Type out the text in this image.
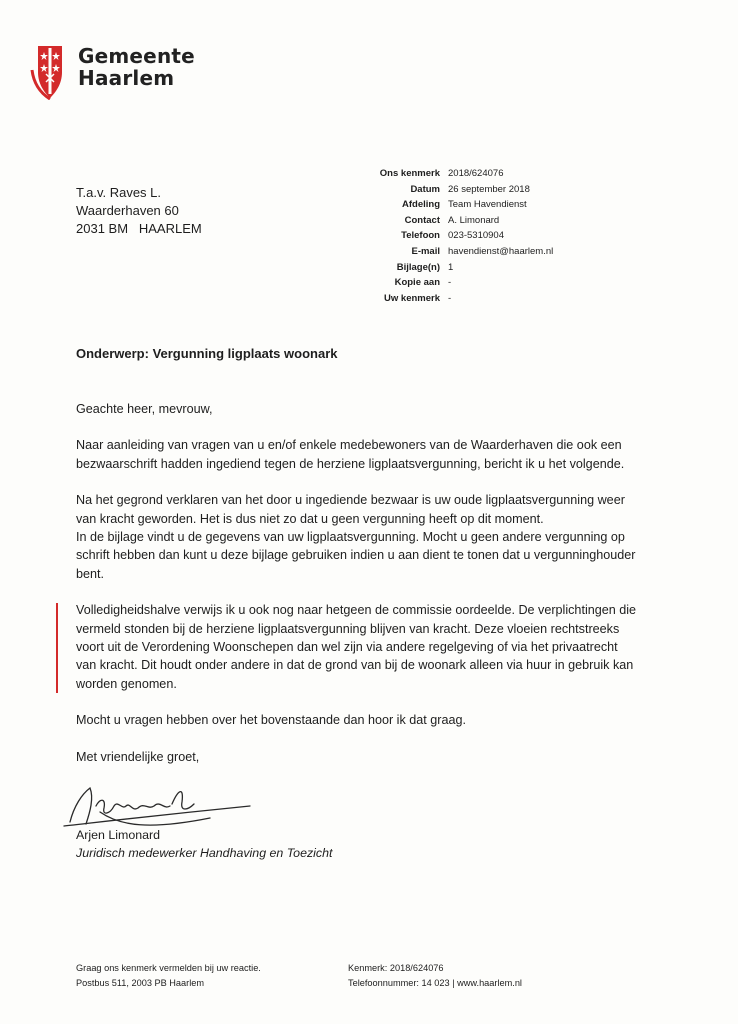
Gemeente
Haarlem
T.a.v. Raves L.
Waarderhaven 60
2031 BM   HAARLEM
Ons kenmerk 2018/624076
Datum 26 september 2018
Afdeling Team Havendienst
Contact A. Limonard
Telefoon 023-5310904
E-mail havendienst@haarlem.nl
Bijlage(n) 1
Kopie aan -
Uw kenmerk -
Onderwerp: Vergunning ligplaats woonark
Geachte heer, mevrouw,
Naar aanleiding van vragen van u en/of enkele medebewoners van de Waarderhaven die ook een
bezwaarschrift hadden ingediend tegen de herziene ligplaatsvergunning, bericht ik u het volgende.
Na het gegrond verklaren van het door u ingediende bezwaar is uw oude ligplaatsvergunning weer
van kracht geworden. Het is dus niet zo dat u geen vergunning heeft op dit moment.
In de bijlage vindt u de gegevens van uw ligplaatsvergunning. Mocht u geen andere vergunning op
schrift hebben dan kunt u deze bijlage gebruiken indien u aan dient te tonen dat u vergunninghouder
bent.
Volledigheidshalve verwijs ik u ook nog naar hetgeen de commissie oordeelde. De verplichtingen die
vermeld stonden bij de herziene ligplaatsvergunning blijven van kracht. Deze vloeien rechtstreeks
voort uit de Verordening Woonschepen dan wel zijn via andere regelgeving of via het privaatrecht
van kracht. Dit houdt onder andere in dat de grond van bij de woonark alleen via huur in gebruik kan
worden genomen.
Mocht u vragen hebben over het bovenstaande dan hoor ik dat graag.
Met vriendelijke groet,
Arjen Limonard
Juridisch medewerker Handhaving en Toezicht
Graag ons kenmerk vermelden bij uw reactie.
Postbus 511, 2003 PB Haarlem
Kenmerk: 2018/624076
Telefoonnummer: 14 023 | www.haarlem.nl
